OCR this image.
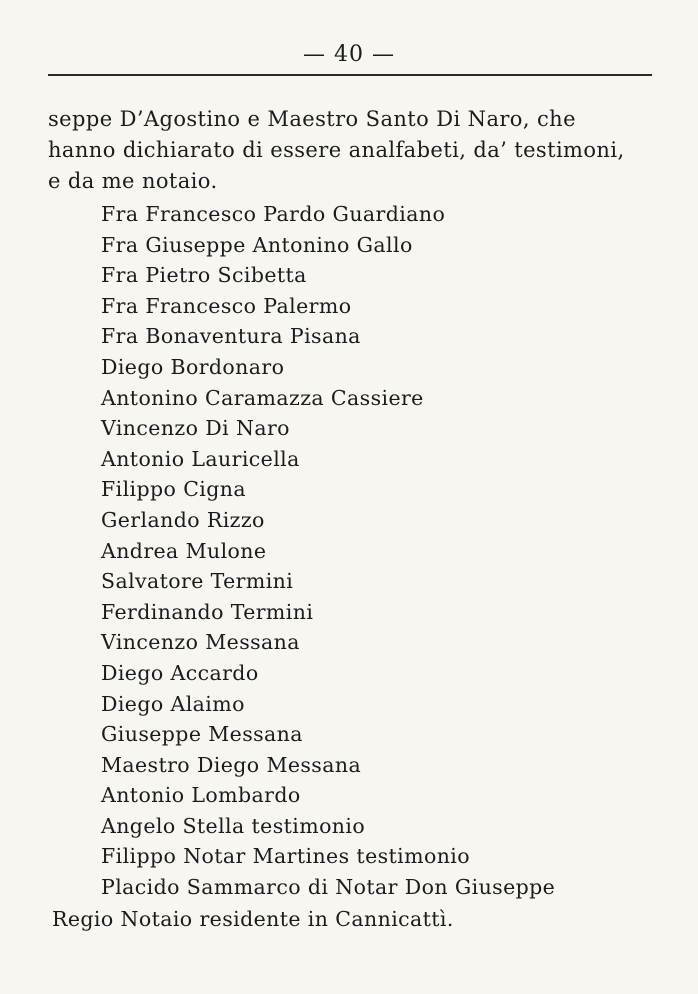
— 40 —
seppe D’Agostino e Maestro Santo Di Naro, che
hanno dichiarato di essere analfabeti, da’ testimoni,
e da me notaio.
Fra Francesco Pardo Guardiano
Fra Giuseppe Antonino Gallo
Fra Pietro Scibetta
Fra Francesco Palermo
Fra Bonaventura Pisana
Diego Bordonaro
Antonino Caramazza Cassiere
Vincenzo Di Naro
Antonio Lauricella
Filippo Cigna
Gerlando Rizzo
Andrea Mulone
Salvatore Termini
Ferdinando Termini
Vincenzo Messana
Diego Accardo
Diego Alaimo
Giuseppe Messana
Maestro Diego Messana
Antonio Lombardo
Angelo Stella testimonio
Filippo Notar Martines testimonio
Placido Sammarco di Notar Don Giuseppe
Regio Notaio residente in Cannicattì.
